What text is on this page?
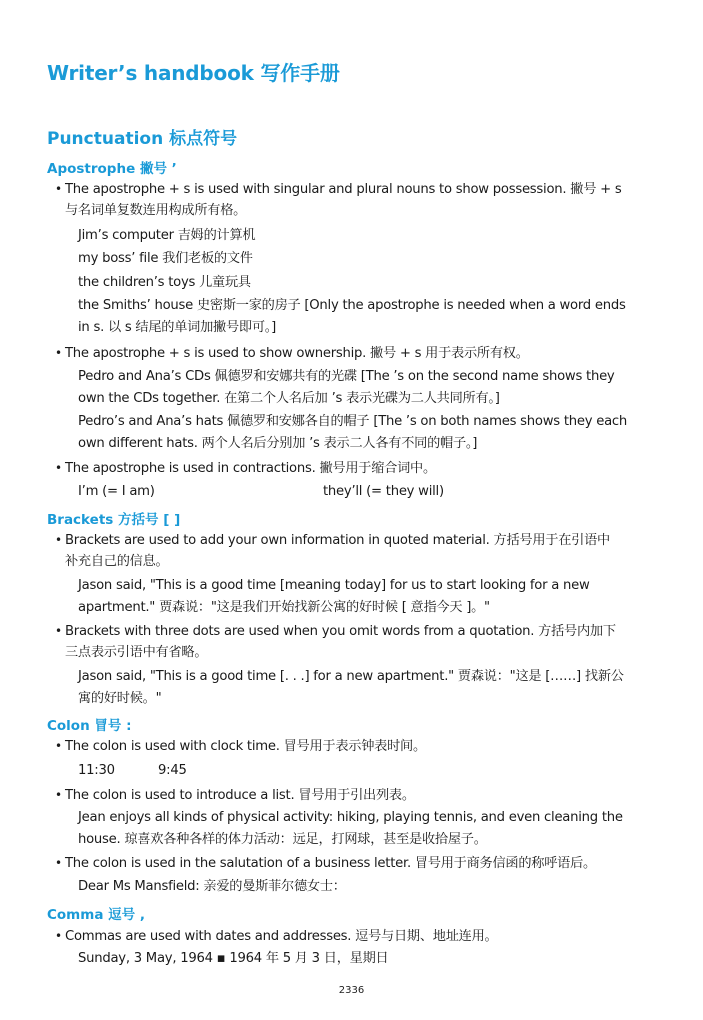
Writer’s handbook 写作手册
Punctuation 标点符号
Apostrophe 撇号 ’
• The apostrophe + s is used with singular and plural nouns to show possession. 撇号 + s
与名词单复数连用构成所有格。
Jim’s computer 吉姆的计算机
my boss’ file 我们老板的文件
the children’s toys 儿童玩具
the Smiths’ house 史密斯一家的房子 [Only the apostrophe is needed when a word ends
in s. 以 s 结尾的单词加撇号即可。]
• The apostrophe + s is used to show ownership. 撇号 + s 用于表示所有权。
Pedro and Ana’s CDs 佩德罗和安娜共有的光碟 [The ’s on the second name shows they
own the CDs together. 在第二个人名后加 ’s 表示光碟为二人共同所有。]
Pedro’s and Ana’s hats 佩德罗和安娜各自的帽子 [The ’s on both names shows they each
own different hats. 两个人名后分别加 ’s 表示二人各有不同的帽子。]
• The apostrophe is used in contractions. 撇号用于缩合词中。
I’m (= I am)	they’ll (= they will)
Brackets 方括号 [ ]
• Brackets are used to add your own information in quoted material. 方括号用于在引语中
补充自己的信息。
Jason said, "This is a good time [meaning today] for us to start looking for a new
apartment." 贾森说："这是我们开始找新公寓的好时候 [ 意指今天 ]。"
• Brackets with three dots are used when you omit words from a quotation. 方括号内加下
三点表示引语中有省略。
Jason said, "This is a good time [. . .] for a new apartment." 贾森说："这是 [……] 找新公
寓的好时候。"
Colon 冒号 :
• The colon is used with clock time. 冒号用于表示钟表时间。
11:30	9:45
• The colon is used to introduce a list. 冒号用于引出列表。
Jean enjoys all kinds of physical activity: hiking, playing tennis, and even cleaning the
house. 琼喜欢各种各样的体力活动：远足，打网球，甚至是收拾屋子。
• The colon is used in the salutation of a business letter. 冒号用于商务信函的称呼语后。
Dear Ms Mansfield: 亲爱的曼斯菲尔德女士：
Comma 逗号 ,
• Commas are used with dates and addresses. 逗号与日期、地址连用。
Sunday, 3 May, 1964 ▪ 1964 年 5 月 3 日，星期日
2336
